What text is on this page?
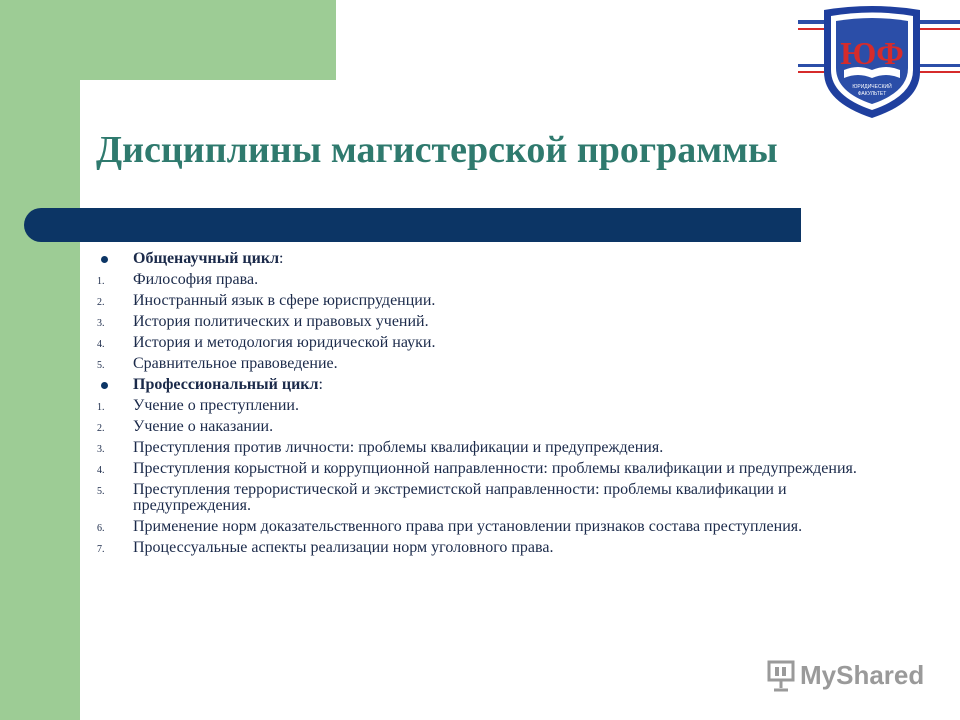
Дисциплины магистерской программы
ЮФ
ЮРИДИЧЕСКИЙ
ФАКУЛЬТЕТ
Общенаучный цикл:
1. Философия права.
2. Иностранный язык в сфере юриспруденции.
3. История политических и правовых учений.
4. История и методология юридической науки.
5. Сравнительное правоведение.
Профессиональный цикл:
1. Учение о преступлении.
2. Учение о наказании.
3. Преступления против личности: проблемы квалификации и предупреждения.
4. Преступления корыстной и коррупционной направленности: проблемы квалификации и предупреждения.
5. Преступления террористической и экстремистской направленности: проблемы квалификации и предупреждения.
6. Применение норм доказательственного права при установлении признаков состава преступления.
7. Процессуальные аспекты реализации норм уголовного права.
MyShared
